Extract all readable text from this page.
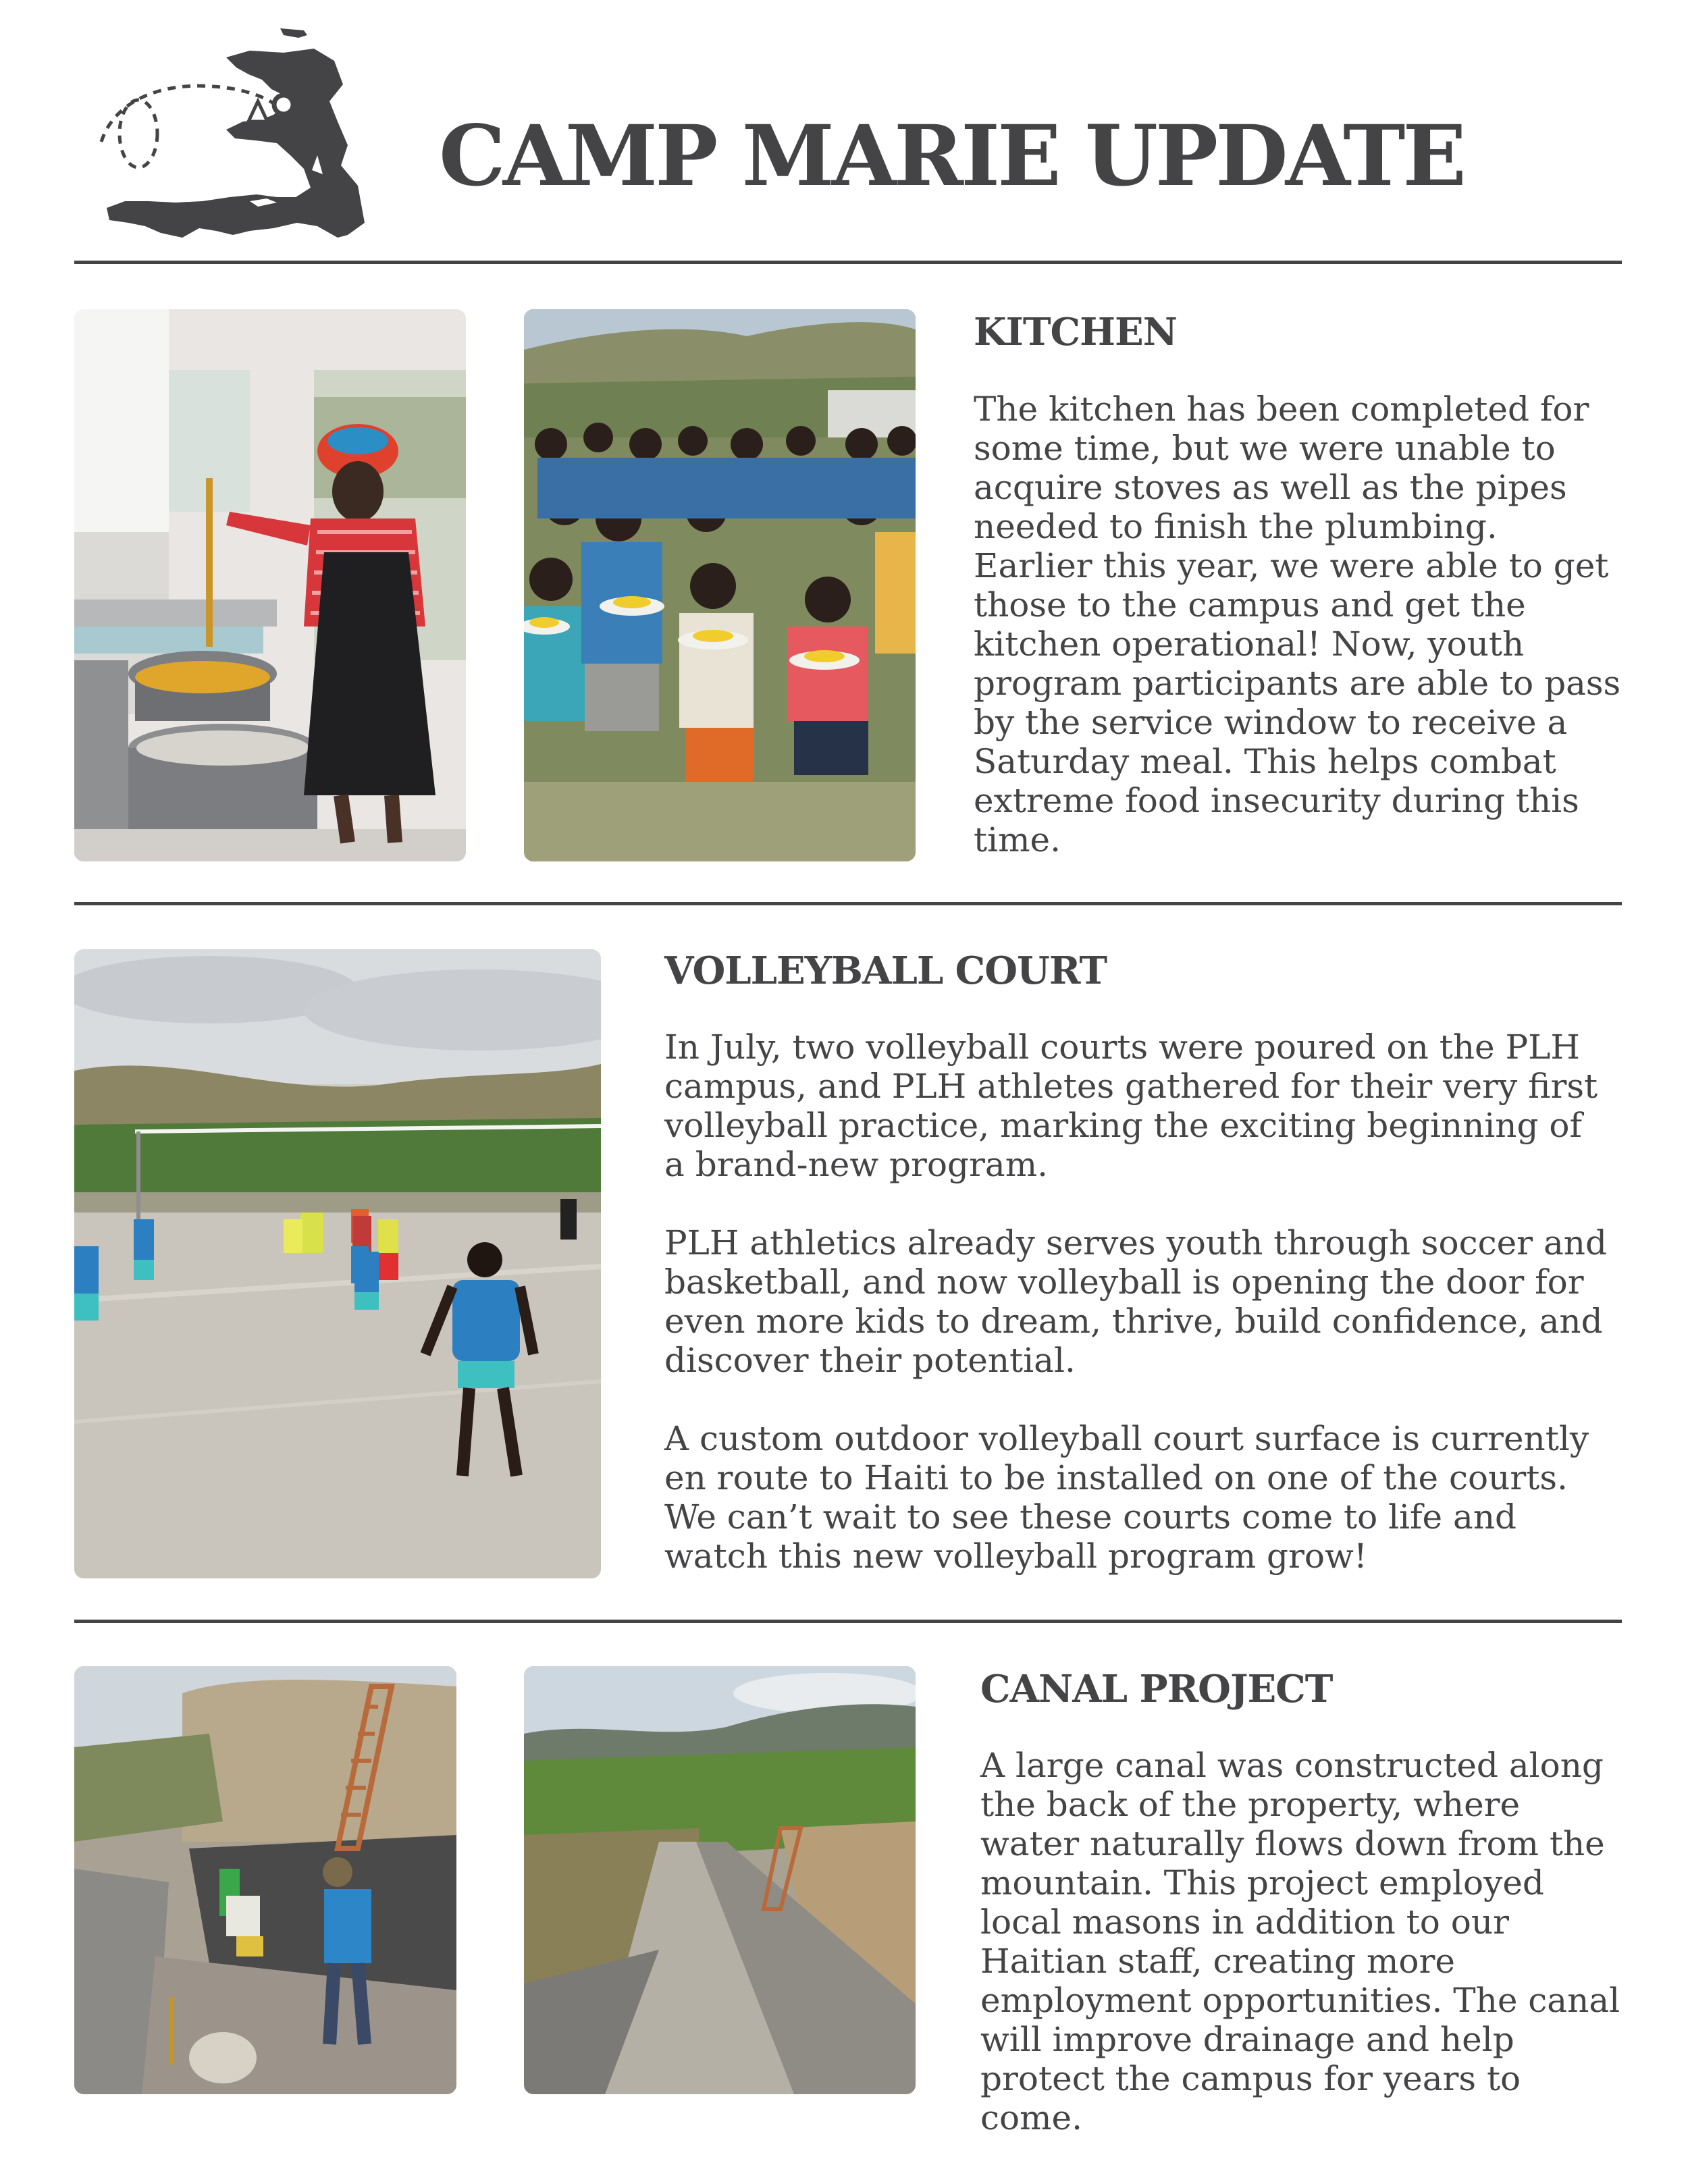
CAMP MARIE UPDATE
KITCHEN

The kitchen has been completed for some time, but we were unable to acquire stoves as well as the pipes needed to finish the plumbing. Earlier this year, we were able to get those to the campus and get the kitchen operational! Now, youth program participants are able to pass by the service window to receive a Saturday meal. This helps combat extreme food insecurity during this time.

VOLLEYBALL COURT

In July, two volleyball courts were poured on the PLH campus, and PLH athletes gathered for their very first volleyball practice, marking the exciting beginning of a brand-new program.

PLH athletics already serves youth through soccer and basketball, and now volleyball is opening the door for even more kids to dream, thrive, build confidence, and discover their potential.

A custom outdoor volleyball court surface is currently en route to Haiti to be installed on one of the courts. We can’t wait to see these courts come to life and watch this new volleyball program grow!

CANAL PROJECT

A large canal was constructed along the back of the property, where water naturally flows down from the mountain. This project employed local masons in addition to our Haitian staff, creating more employment opportunities. The canal will improve drainage and help protect the campus for years to come.
